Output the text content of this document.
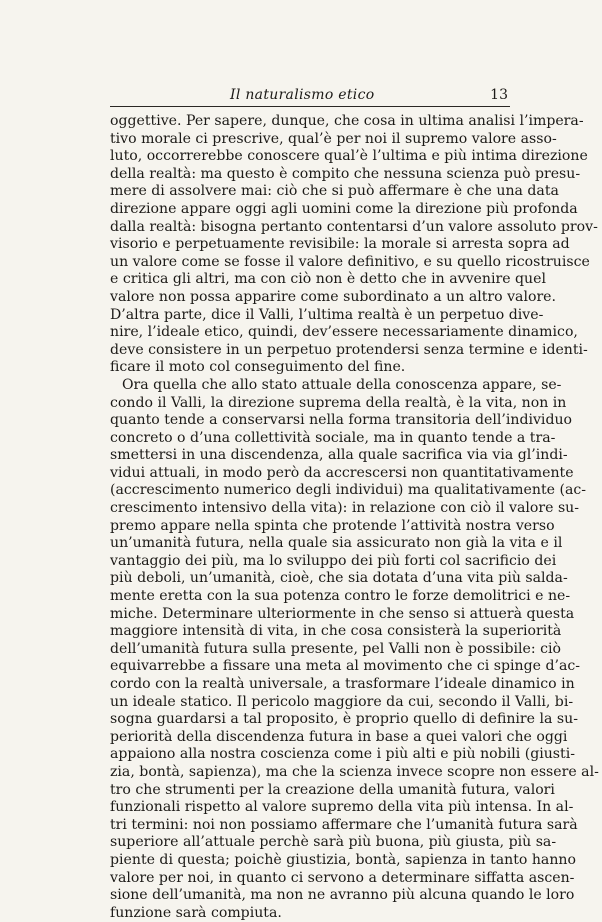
Il naturalismo etico	13
oggettive. Per sapere, dunque, che cosa in ultima analisi l’impera-
tivo morale ci prescrive, qual’è per noi il supremo valore asso-
luto, occorrerebbe conoscere qual’è l’ultima e più intima direzione
della realtà: ma questo è compito che nessuna scienza può presu-
mere di assolvere mai: ciò che si può affermare è che una data
direzione appare oggi agli uomini come la direzione più profonda
dalla realtà: bisogna pertanto contentarsi d’un valore assoluto prov-
visorio e perpetuamente revisibile: la morale si arresta sopra ad
un valore come se fosse il valore definitivo, e su quello ricostruisce
e critica gli altri, ma con ciò non è detto che in avvenire quel
valore non possa apparire come subordinato a un altro valore.
D’altra parte, dice il Valli, l’ultima realtà è un perpetuo dive-
nire, l’ideale etico, quindi, dev’essere necessariamente dinamico,
deve consistere in un perpetuo protendersi senza termine e identi-
ficare il moto col conseguimento del fine.
Ora quella che allo stato attuale della conoscenza appare, se-
condo il Valli, la direzione suprema della realtà, è la vita, non in
quanto tende a conservarsi nella forma transitoria dell’individuo
concreto o d’una collettività sociale, ma in quanto tende a tra-
smettersi in una discendenza, alla quale sacrifica via via gl’indi-
vidui attuali, in modo però da accrescersi non quantitativamente
(accrescimento numerico degli individui) ma qualitativamente (ac-
crescimento intensivo della vita): in relazione con ciò il valore su-
premo appare nella spinta che protende l’attività nostra verso
un’umanità futura, nella quale sia assicurato non già la vita e il
vantaggio dei più, ma lo sviluppo dei più forti col sacrificio dei
più deboli, un’umanità, cioè, che sia dotata d’una vita più salda-
mente eretta con la sua potenza contro le forze demolitrici e ne-
miche. Determinare ulteriormente in che senso si attuerà questa
maggiore intensità di vita, in che cosa consisterà la superiorità
dell’umanità futura sulla presente, pel Valli non è possibile: ciò
equivarrebbe a fissare una meta al movimento che ci spinge d’ac-
cordo con la realtà universale, a trasformare l’ideale dinamico in
un ideale statico. Il pericolo maggiore da cui, secondo il Valli, bi-
sogna guardarsi a tal proposito, è proprio quello di definire la su-
periorità della discendenza futura in base a quei valori che oggi
appaiono alla nostra coscienza come i più alti e più nobili (giusti-
zia, bontà, sapienza), ma che la scienza invece scopre non essere al-
tro che strumenti per la creazione della umanità futura, valori
funzionali rispetto al valore supremo della vita più intensa. In al-
tri termini: noi non possiamo affermare che l’umanità futura sarà
superiore all’attuale perchè sarà più buona, più giusta, più sa-
piente di questa; poichè giustizia, bontà, sapienza in tanto hanno
valore per noi, in quanto ci servono a determinare siffatta ascen-
sione dell’umanità, ma non ne avranno più alcuna quando le loro
funzione sarà compiuta.
